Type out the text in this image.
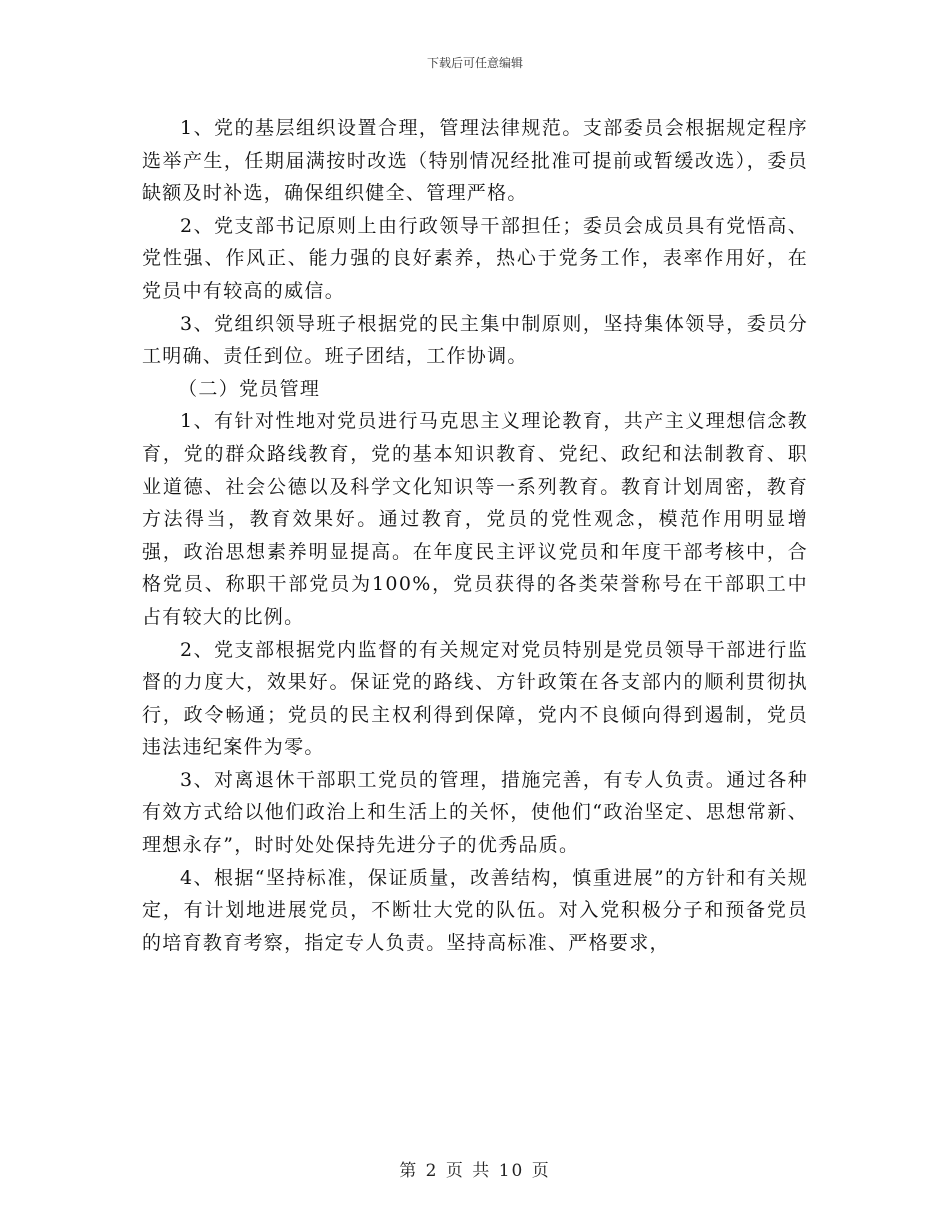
下载后可任意编辑

1、党的基层组织设置合理，管理法律规范。支部委员会根据规定程序选举产生，任期届满按时改选（特别情况经批准可提前或暂缓改选），委员缺额及时补选，确保组织健全、管理严格。

2、党支部书记原则上由行政领导干部担任；委员会成员具有党悟高、党性强、作风正、能力强的良好素养，热心于党务工作，表率作用好，在党员中有较高的威信。

3、党组织领导班子根据党的民主集中制原则，坚持集体领导，委员分工明确、责任到位。班子团结，工作协调。

（二）党员管理

1、有针对性地对党员进行马克思主义理论教育，共产主义理想信念教育，党的群众路线教育，党的基本知识教育、党纪、政纪和法制教育、职业道德、社会公德以及科学文化知识等一系列教育。教育计划周密，教育方法得当，教育效果好。通过教育，党员的党性观念，模范作用明显增强，政治思想素养明显提高。在年度民主评议党员和年度干部考核中，合格党员、称职干部党员为100%，党员获得的各类荣誉称号在干部职工中占有较大的比例。

2、党支部根据党内监督的有关规定对党员特别是党员领导干部进行监督的力度大，效果好。保证党的路线、方针政策在各支部内的顺利贯彻执行，政令畅通；党员的民主权利得到保障，党内不良倾向得到遏制，党员违法违纪案件为零。

3、对离退休干部职工党员的管理，措施完善，有专人负责。通过各种有效方式给以他们政治上和生活上的关怀，使他们“政治坚定、思想常新、理想永存”，时时处处保持先进分子的优秀品质。

4、根据“坚持标准，保证质量，改善结构，慎重进展”的方针和有关规定，有计划地进展党员，不断壮大党的队伍。对入党积极分子和预备党员的培育教育考察，指定专人负责。坚持高标准、严格要求，

第 2 页 共 10 页
